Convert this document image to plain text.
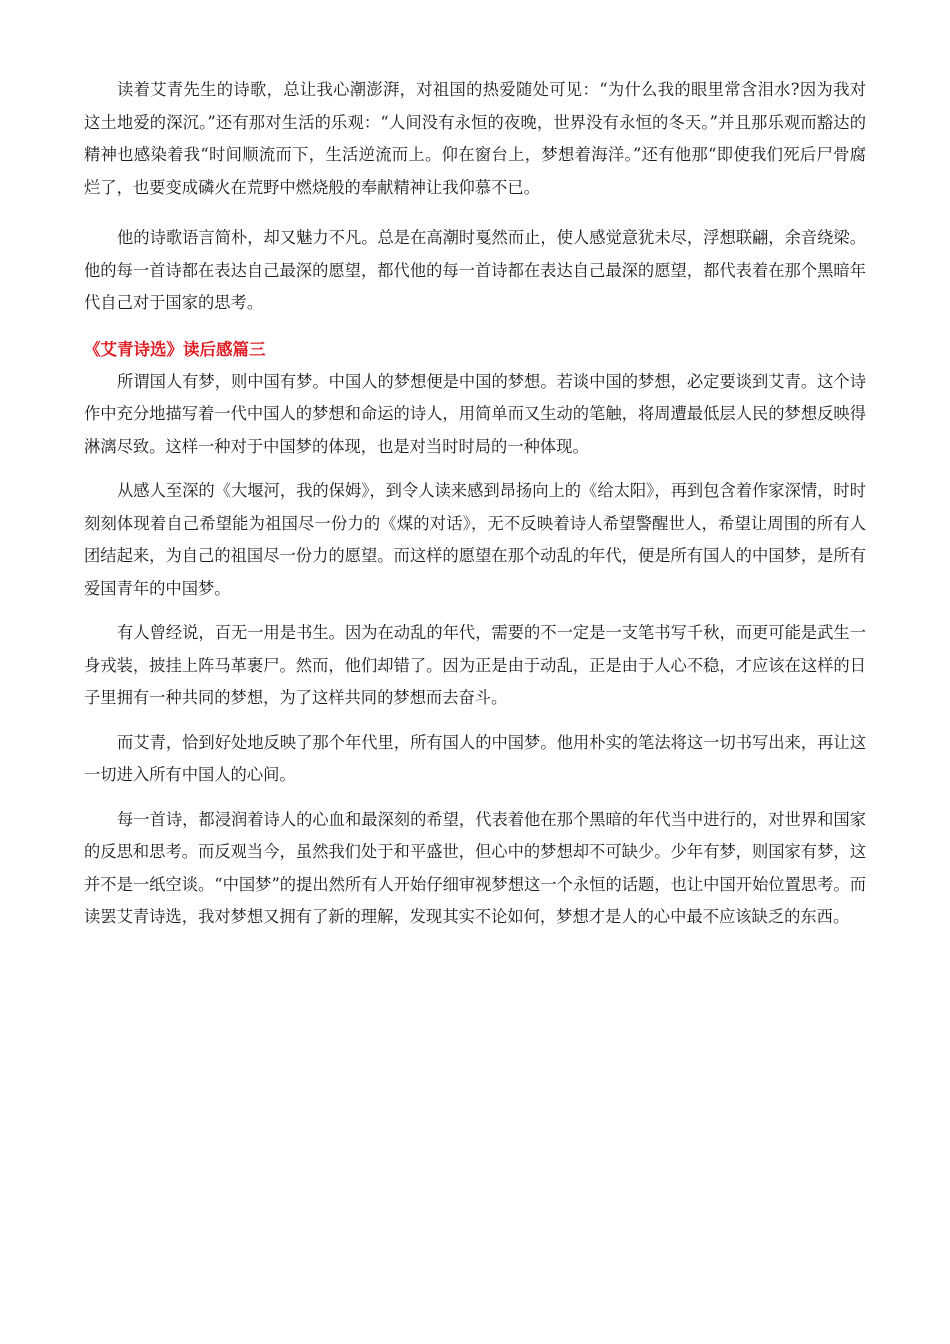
读着艾青先生的诗歌，总让我心潮澎湃，对祖国的热爱随处可见：“为什么我的眼里常含泪水?因为我对这土地爱的深沉。”还有那对生活的乐观：“人间没有永恒的夜晚，世界没有永恒的冬天。”并且那乐观而豁达的精神也感染着我“时间顺流而下，生活逆流而上。仰在窗台上，梦想着海洋。”还有他那“即使我们死后尸骨腐烂了，也要变成磷火在荒野中燃烧般的奉献精神让我仰慕不已。

他的诗歌语言简朴，却又魅力不凡。总是在高潮时戛然而止，使人感觉意犹未尽，浮想联翩，余音绕梁。他的每一首诗都在表达自己最深的愿望，都代他的每一首诗都在表达自己最深的愿望，都代表着在那个黑暗年代自己对于国家的思考。

《艾青诗选》读后感篇三

所谓国人有梦，则中国有梦。中国人的梦想便是中国的梦想。若谈中国的梦想，必定要谈到艾青。这个诗作中充分地描写着一代中国人的梦想和命运的诗人，用简单而又生动的笔触，将周遭最低层人民的梦想反映得淋漓尽致。这样一种对于中国梦的体现，也是对当时时局的一种体现。

从感人至深的《大堰河，我的保姆》，到令人读来感到昂扬向上的《给太阳》，再到包含着作家深情，时时刻刻体现着自己希望能为祖国尽一份力的《煤的对话》，无不反映着诗人希望警醒世人，希望让周围的所有人团结起来，为自己的祖国尽一份力的愿望。而这样的愿望在那个动乱的年代，便是所有国人的中国梦，是所有爱国青年的中国梦。

有人曾经说，百无一用是书生。因为在动乱的年代，需要的不一定是一支笔书写千秋，而更可能是武生一身戎装，披挂上阵马革裹尸。然而，他们却错了。因为正是由于动乱，正是由于人心不稳，才应该在这样的日子里拥有一种共同的梦想，为了这样共同的梦想而去奋斗。

而艾青，恰到好处地反映了那个年代里，所有国人的中国梦。他用朴实的笔法将这一切书写出来，再让这一切进入所有中国人的心间。

每一首诗，都浸润着诗人的心血和最深刻的希望，代表着他在那个黑暗的年代当中进行的，对世界和国家的反思和思考。而反观当今，虽然我们处于和平盛世，但心中的梦想却不可缺少。少年有梦，则国家有梦，这并不是一纸空谈。“中国梦”的提出然所有人开始仔细审视梦想这一个永恒的话题，也让中国开始位置思考。而读罢艾青诗选，我对梦想又拥有了新的理解，发现其实不论如何，梦想才是人的心中最不应该缺乏的东西。
